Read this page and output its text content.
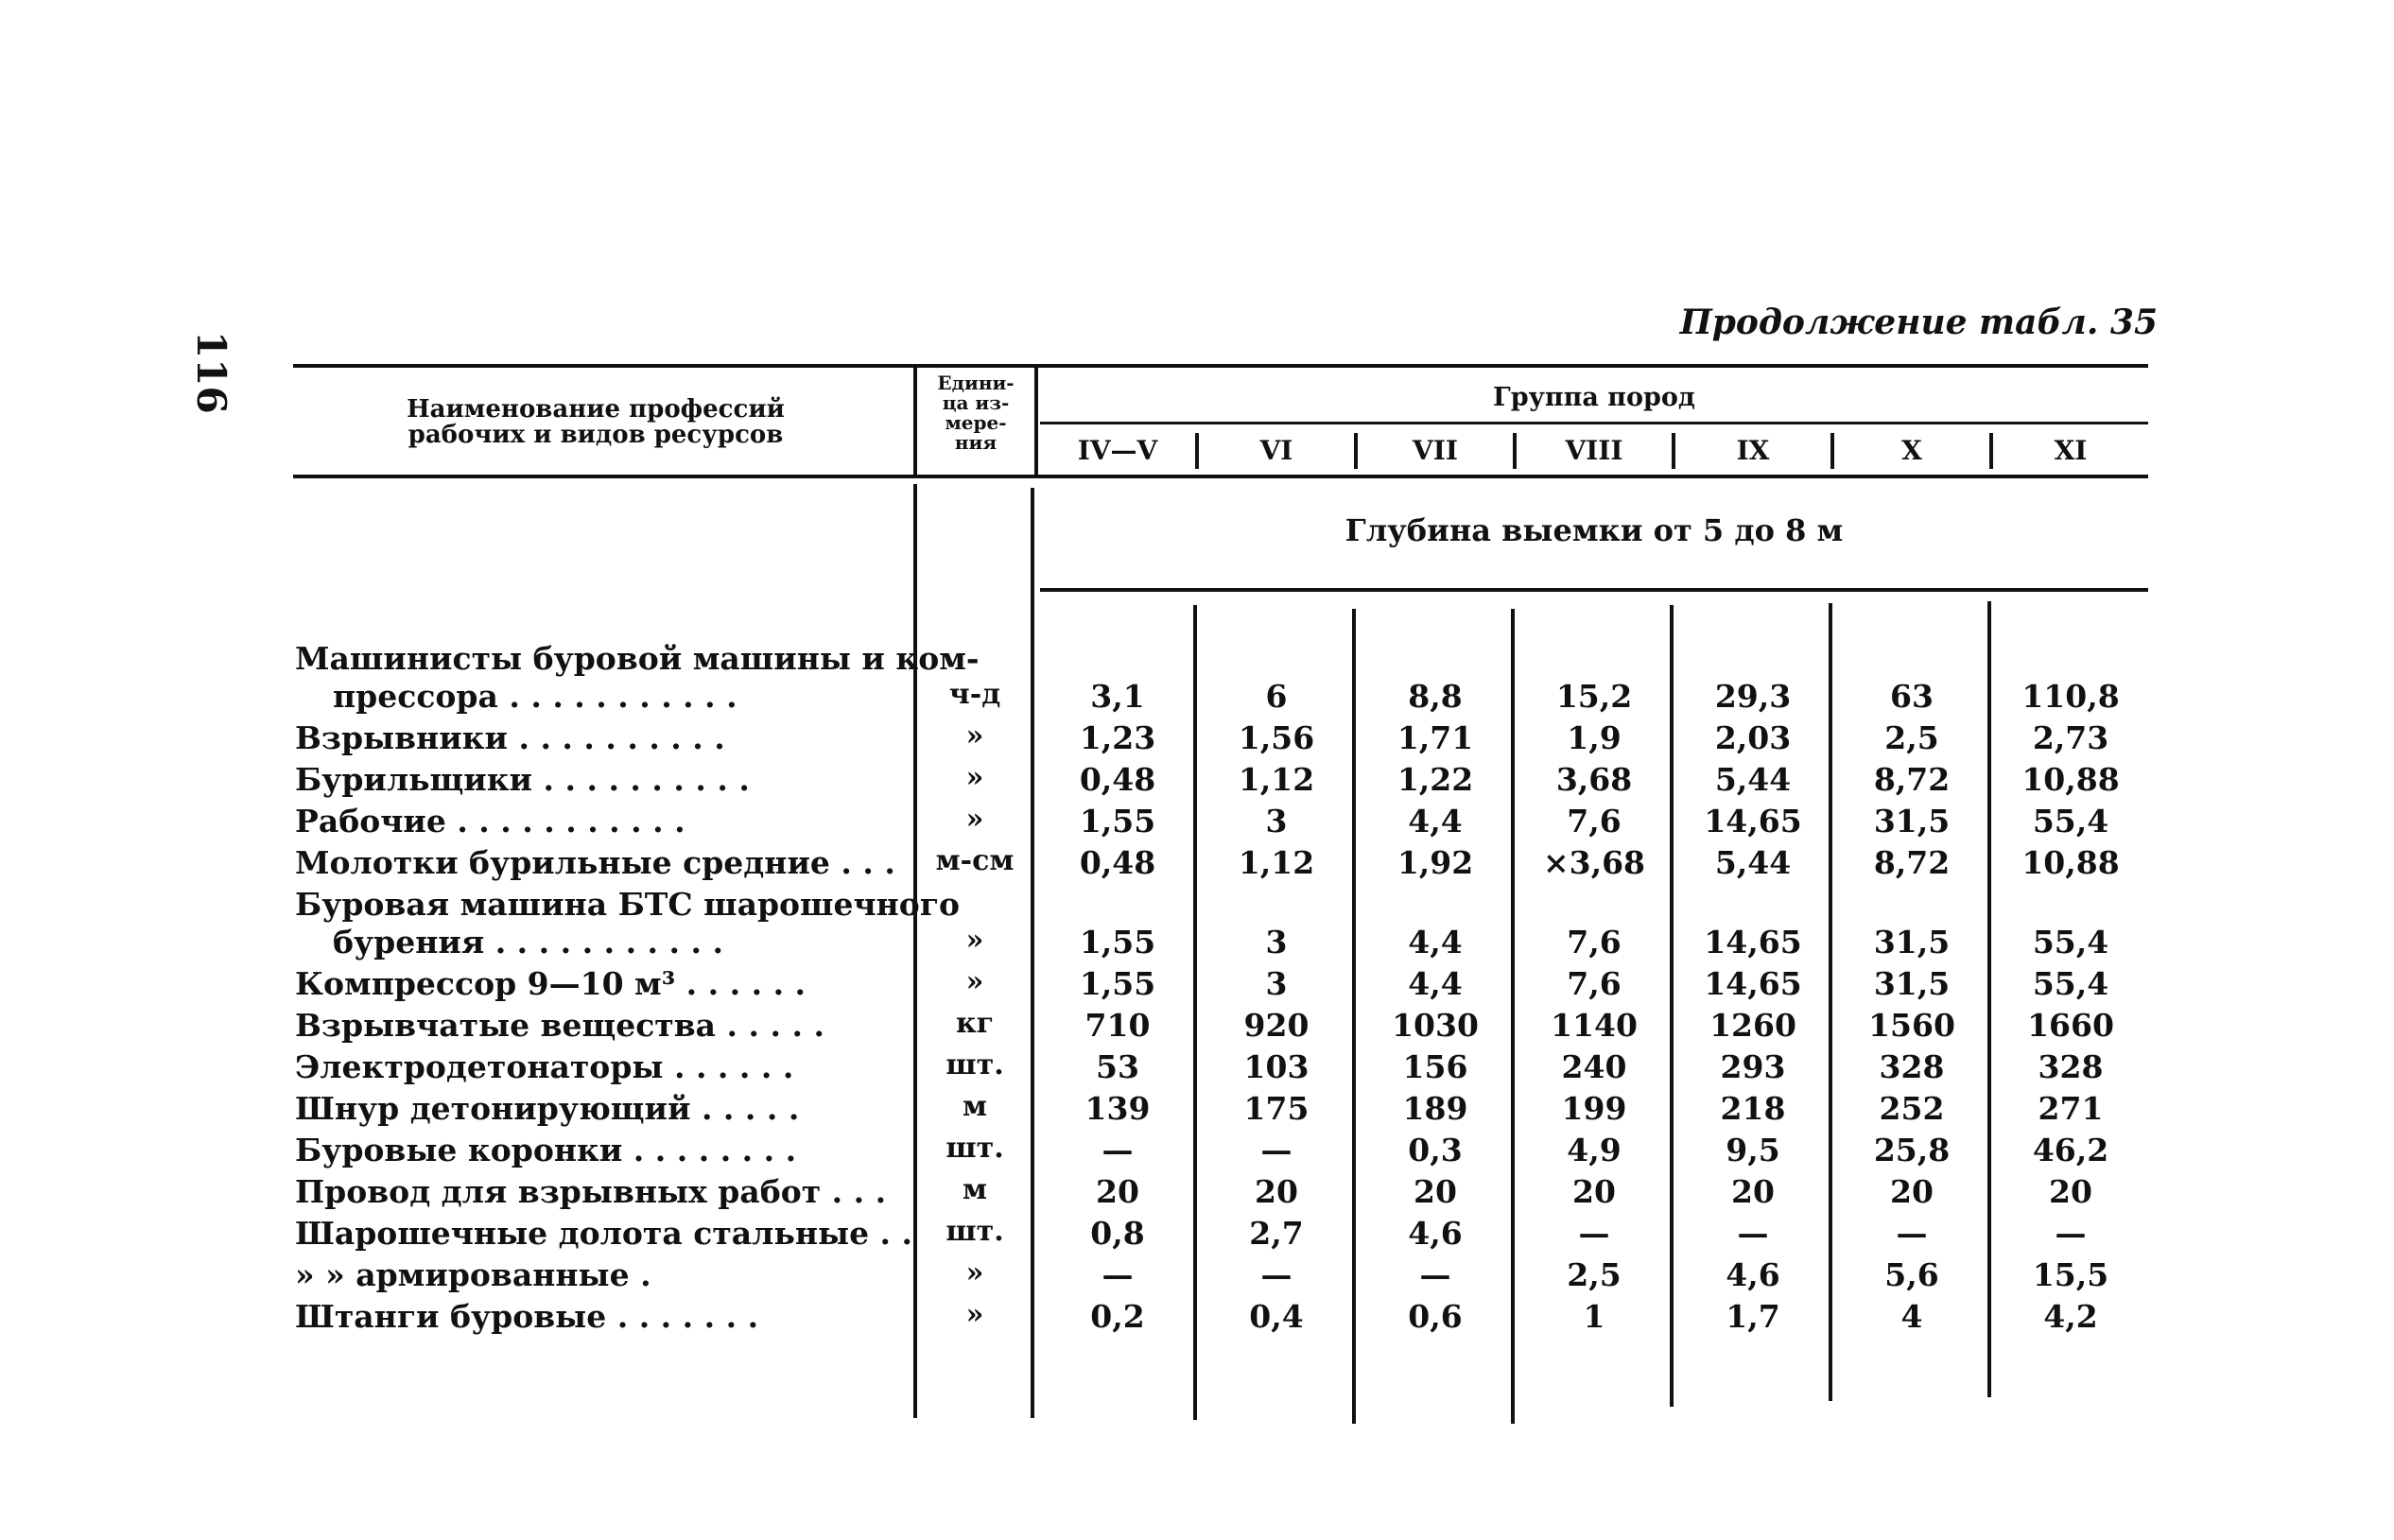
116
Продолжение табл. 35
Наименование профессий рабочих и видов ресурсов
Едини- ца из- мере- ния
Группа пород
IV—V	VI	VII	VIII	IX	X	XI
Глубина выемки от 5 до 8 м
Машинисты буровой машины и ком-
прессора . . . . . . . . . . .	ч-д	3,1	6	8,8	15,2	29,3	63	110,8
Взрывники . . . . . . . . . .	»	1,23	1,56	1,71	1,9	2,03	2,5	2,73
Бурильщики . . . . . . . . . .	»	0,48	1,12	1,22	3,68	5,44	8,72	10,88
Рабочие . . . . . . . . . . .	»	1,55	3	4,4	7,6	14,65	31,5	55,4
Молотки бурильные средние . . .	м-см	0,48	1,12	1,92	×3,68	5,44	8,72	10,88
Буровая машина БТС шарошечного
бурения . . . . . . . . . . .	»	1,55	3	4,4	7,6	14,65	31,5	55,4
Компрессор 9—10 м³ . . . . . .	»	1,55	3	4,4	7,6	14,65	31,5	55,4
Взрывчатые вещества . . . . .	кг	710	920	1030	1140	1260	1560	1660
Электродетонаторы . . . . . .	шт.	53	103	156	240	293	328	328
Шнур детонирующий . . . . .	м	139	175	189	199	218	252	271
Буровые коронки . . . . . . . .	шт.	—	—	0,3	4,9	9,5	25,8	46,2
Провод для взрывных работ . . .	м	20	20	20	20	20	20	20
Шарошечные долота стальные . .	шт.	0,8	2,7	4,6	—	—	—	—
» » армированные .	»	—	—	—	2,5	4,6	5,6	15,5
Штанги буровые . . . . . . .	»	0,2	0,4	0,6	1	1,7	4	4,2
